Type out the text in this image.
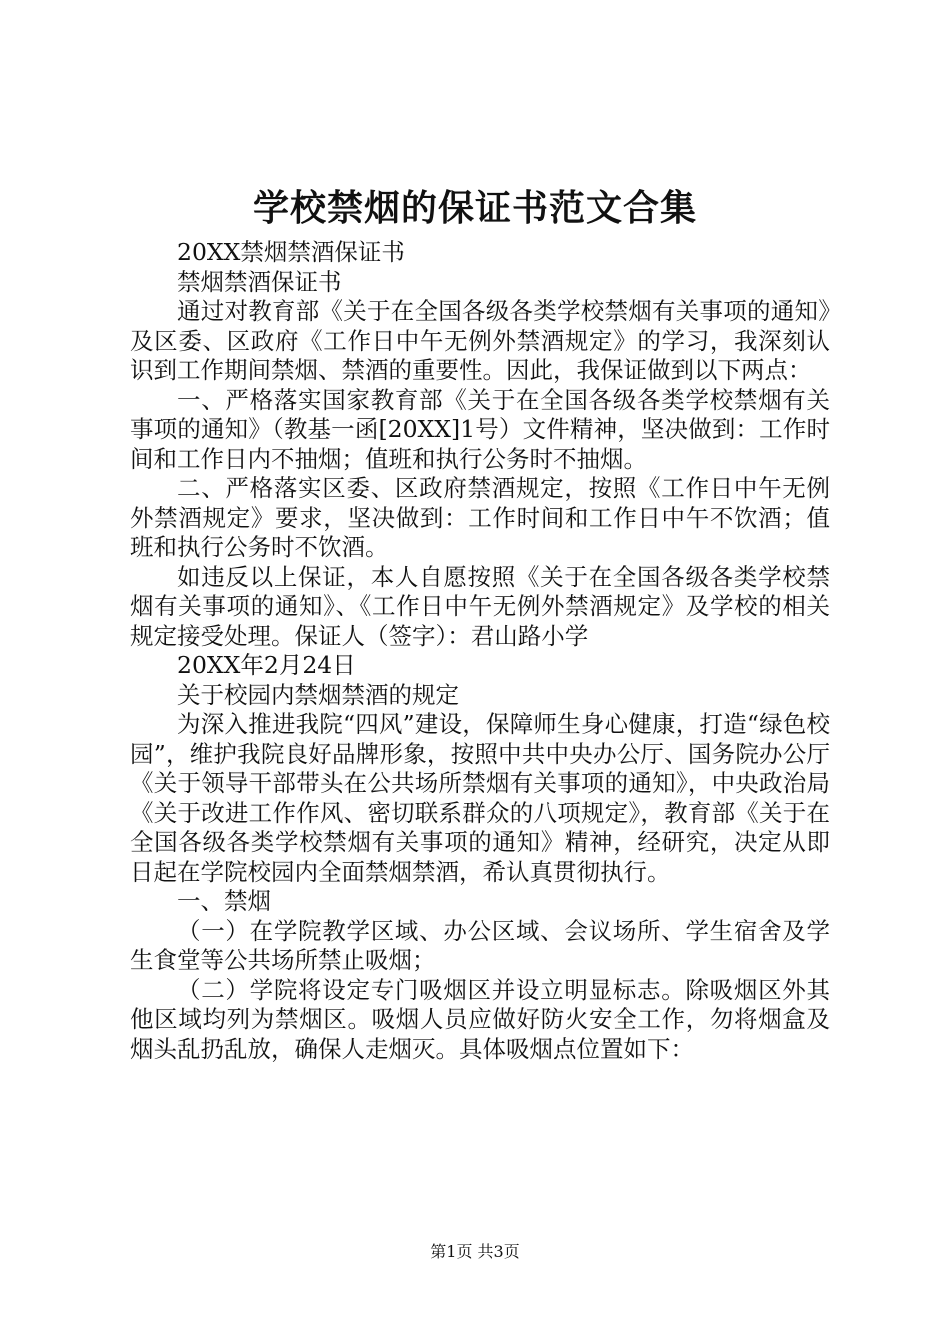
学校禁烟的保证书范文合集

20XX禁烟禁酒保证书

禁烟禁酒保证书

通过对教育部《关于在全国各级各类学校禁烟有关事项的通知》及区委、区政府《工作日中午无例外禁酒规定》的学习，我深刻认识到工作期间禁烟、禁酒的重要性。因此，我保证做到以下两点：

一、严格落实国家教育部《关于在全国各级各类学校禁烟有关事项的通知》（教基一函[20XX]1号）文件精神，坚决做到：工作时间和工作日内不抽烟；值班和执行公务时不抽烟。

二、严格落实区委、区政府禁酒规定，按照《工作日中午无例外禁酒规定》要求，坚决做到：工作时间和工作日中午不饮酒；值班和执行公务时不饮酒。

如违反以上保证，本人自愿按照《关于在全国各级各类学校禁烟有关事项的通知》、《工作日中午无例外禁酒规定》及学校的相关规定接受处理。保证人（签字）：君山路小学

20XX年2月24日

关于校园内禁烟禁酒的规定

为深入推进我院“四风”建设，保障师生身心健康，打造“绿色校园”，维护我院良好品牌形象，按照中共中央办公厅、国务院办公厅《关于领导干部带头在公共场所禁烟有关事项的通知》，中央政治局《关于改进工作作风、密切联系群众的八项规定》，教育部《关于在全国各级各类学校禁烟有关事项的通知》精神，经研究，决定从即日起在学院校园内全面禁烟禁酒，希认真贯彻执行。

一、禁烟

（一）在学院教学区域、办公区域、会议场所、学生宿舍及学生食堂等公共场所禁止吸烟；

（二）学院将设定专门吸烟区并设立明显标志。除吸烟区外其他区域均列为禁烟区。吸烟人员应做好防火安全工作，勿将烟盒及烟头乱扔乱放，确保人走烟灭。具体吸烟点位置如下：

第1页 共3页
